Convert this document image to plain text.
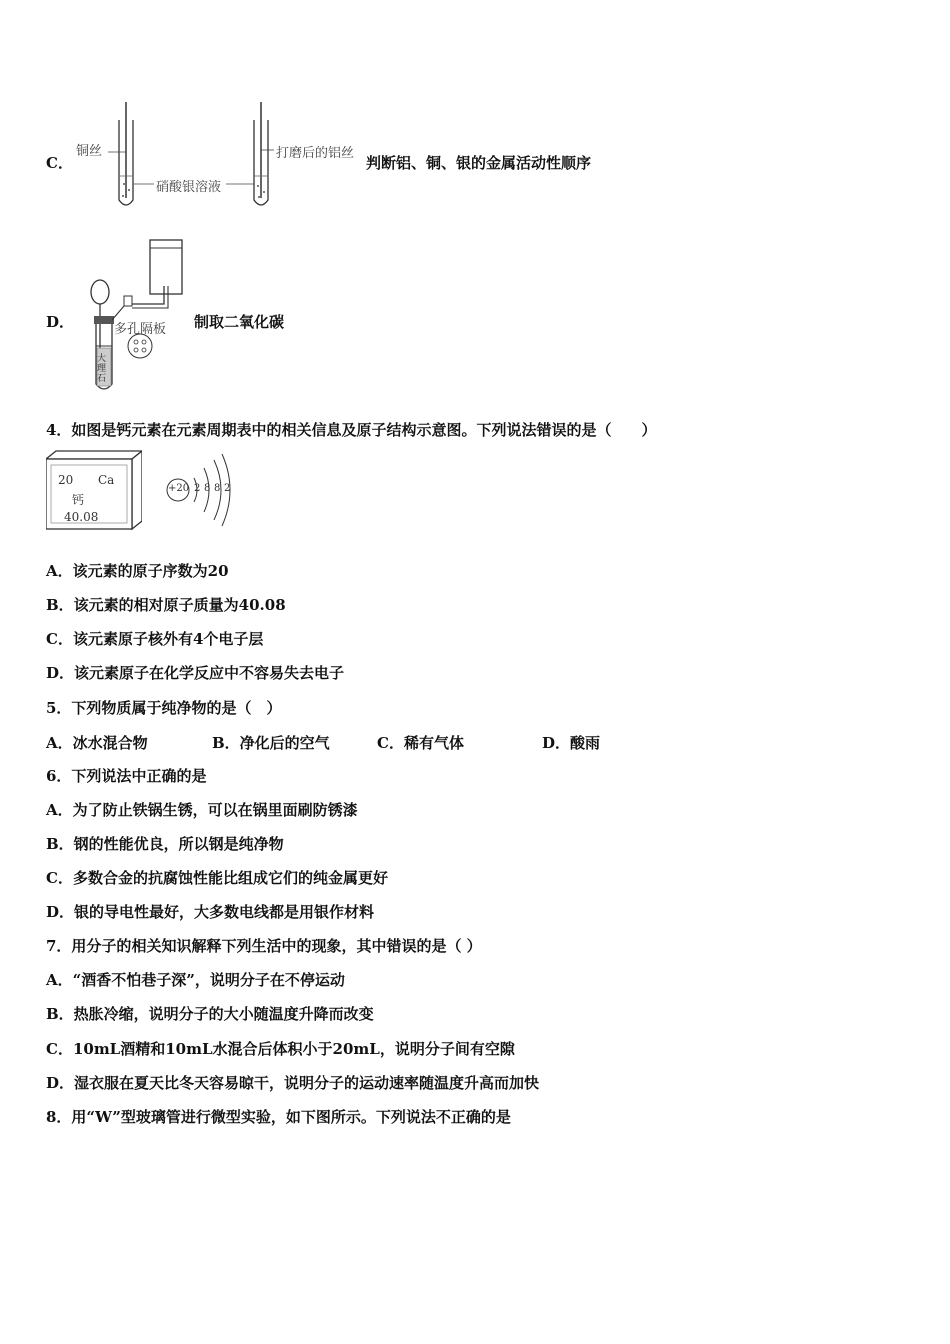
C．
铜丝
硝酸银溶液
打磨后的铝丝
判断铝、铜、银的金属活动性顺序
D．	多孔隔板
大理石
制取二氧化碳
4．如图是钙元素在元素周期表中的相关信息及原子结构示意图。下列说法错误的是（　　）
20 Ca
钙
40.08
+20 2 8 8 2
A．该元素的原子序数为20
B．该元素的相对原子质量为40.08
C．该元素原子核外有4个电子层
D．该元素原子在化学反应中不容易失去电子
5．下列物质属于纯净物的是（　）
A．冰水混合物	B．净化后的空气	C．稀有气体	D．酸雨
6．下列说法中正确的是
A．为了防止铁锅生锈，可以在锅里面刷防锈漆
B．钢的性能优良，所以钢是纯净物
C．多数合金的抗腐蚀性能比组成它们的纯金属更好
D．银的导电性最好，大多数电线都是用银作材料
7．用分子的相关知识解释下列生活中的现象，其中错误的是（ ）
A．“酒香不怕巷子深”，说明分子在不停运动
B．热胀冷缩，说明分子的大小随温度升降而改变
C．10mL酒精和10mL水混合后体积小于20mL，说明分子间有空隙
D．湿衣服在夏天比冬天容易晾干，说明分子的运动速率随温度升高而加快
8．用“W”型玻璃管进行微型实验，如下图所示。下列说法不正确的是
